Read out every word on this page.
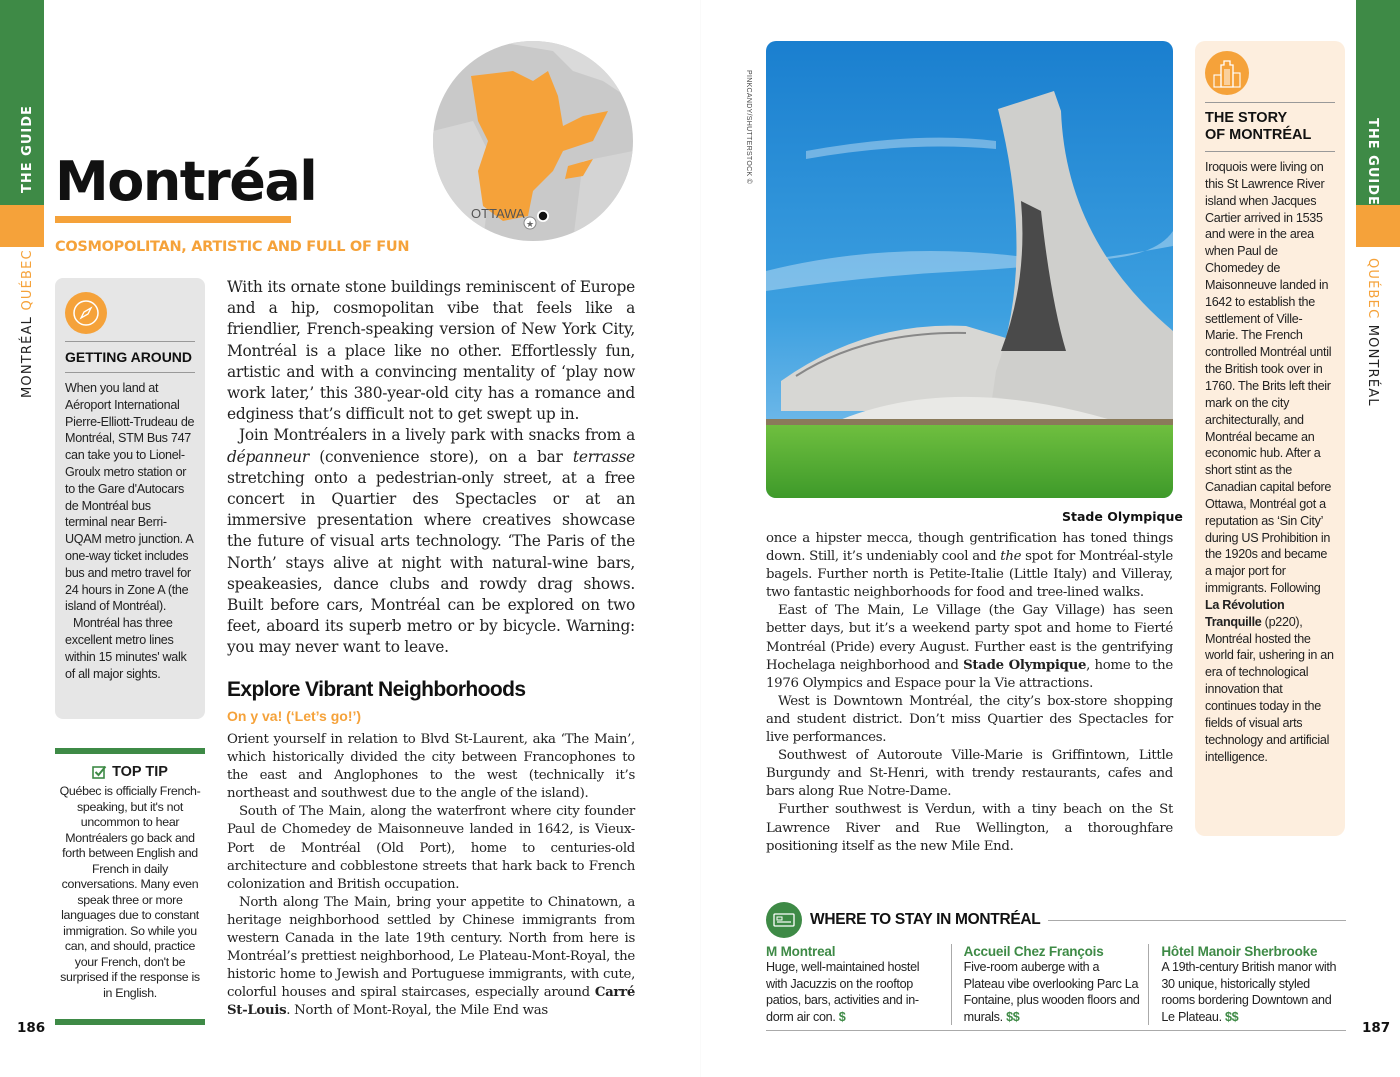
THE GUIDE
MONTRÉAL QUÉBEC
Montréal
COSMOPOLITAN, ARTISTIC AND FULL OF FUN
OTTAWA
★
GETTING AROUND
When you land at Aéroport International Pierre-Elliott-Trudeau de Montréal, STM Bus 747 can take you to Lionel-Groulx metro station or to the Gare d'Autocars de Montréal bus terminal near Berri-UQAM metro junction. A one-way ticket includes bus and metro travel for 24 hours in Zone A (the island of Montréal).
Montréal has three excellent metro lines within 15 minutes' walk of all major sights.
TOP TIP
Québec is officially French-speaking, but it's not uncommon to hear Montréalers go back and forth between English and French in daily conversations. Many even speak three or more languages due to constant immigration. So while you can, and should, practice your French, don't be surprised if the response is in English.
186

With its ornate stone buildings reminiscent of Europe and a hip, cosmopolitan vibe that feels like a friendlier, French-speaking version of New York City, Montréal is a place like no other. Effortlessly fun, artistic and with a convincing mentality of ‘play now work later,’ this 380-year-old city has a romance and edginess that’s difficult not to get swept up in.

Join Montréalers in a lively park with snacks from a dépanneur (convenience store), on a bar terrasse stretching onto a pedestrian-only street, at a free concert in Quartier des Spectacles or at an immersive presentation where creatives showcase the future of visual arts technology. ‘The Paris of the North’ stays alive at night with natural-wine bars, speakeasies, dance clubs and rowdy drag shows. Built before cars, Montréal can be explored on two feet, aboard its superb metro or by bicycle. Warning: you may never want to leave.

Explore Vibrant Neighborhoods
On y va! (‘Let’s go!’)

Orient yourself in relation to Blvd St-Laurent, aka ‘The Main’, which historically divided the city between Francophones to the east and Anglophones to the west (technically it’s northeast and southwest due to the angle of the island).

South of The Main, along the waterfront where city founder Paul de Chomedey de Maisonneuve landed in 1642, is Vieux-Port de Montréal (Old Port), home to centuries-old architecture and cobblestone streets that hark back to French colonization and British occupation.

North along The Main, bring your appetite to Chinatown, a heritage neighborhood settled by Chinese immigrants from western Canada in the late 19th century. North from here is Montréal’s prettiest neighborhood, Le Plateau-Mont-Royal, the historic home to Jewish and Portuguese immigrants, with cute, colorful houses and spiral staircases, especially around Carré St-Louis. North of Mont-Royal, the Mile End was

PINKCANDY/SHUTTERSTOCK ©
Stade Olympique

once a hipster mecca, though gentrification has toned things down. Still, it’s undeniably cool and the spot for Montréal-style bagels. Further north is Petite-Italie (Little Italy) and Villeray, two fantastic neighborhoods for food and tree-lined walks.

East of The Main, Le Village (the Gay Village) has seen better days, but it’s a weekend party spot and home to Fierté Montréal (Pride) every August. Further east is the gentrifying Hochelaga neighborhood and Stade Olympique, home to the 1976 Olympics and Espace pour la Vie attractions.

West is Downtown Montréal, the city’s box-store shopping and student district. Don’t miss Quartier des Spectacles for live performances.

Southwest of Autoroute Ville-Marie is Griffintown, Little Burgundy and St-Henri, with trendy restaurants, cafes and bars along Rue Notre-Dame.

Further southwest is Verdun, with a tiny beach on the St Lawrence River and Rue Wellington, a thoroughfare positioning itself as the new Mile End.

THE STORY
OF MONTRÉAL
Iroquois were living on this St Lawrence River island when Jacques Cartier arrived in 1535 and were in the area when Paul de Chomedey de Maisonneuve landed in 1642 to establish the settlement of Ville-Marie. The French controlled Montréal until the British took over in 1760. The Brits left their mark on the city architecturally, and Montréal became an economic hub. After a short stint as the Canadian capital before Ottawa, Montréal got a reputation as ‘Sin City’ during US Prohibition in the 1920s and became a major port for immigrants. Following La Révolution Tranquille (p220), Montréal hosted the world fair, ushering in an era of technological innovation that continues today in the fields of visual arts technology and artificial intelligence.
THE GUIDE
QUÉBEC MONTRÉAL
WHERE TO STAY IN MONTRÉAL
M Montreal
Huge, well-maintained hostel with Jacuzzis on the rooftop patios, bars, activities and in-dorm air con. $
Accueil Chez François
Five-room auberge with a Plateau vibe overlooking Parc La Fontaine, plus wooden floors and murals. $$
Hôtel Manoir Sherbrooke
A 19th-century British manor with 30 unique, historically styled rooms bordering Downtown and Le Plateau. $$
187
